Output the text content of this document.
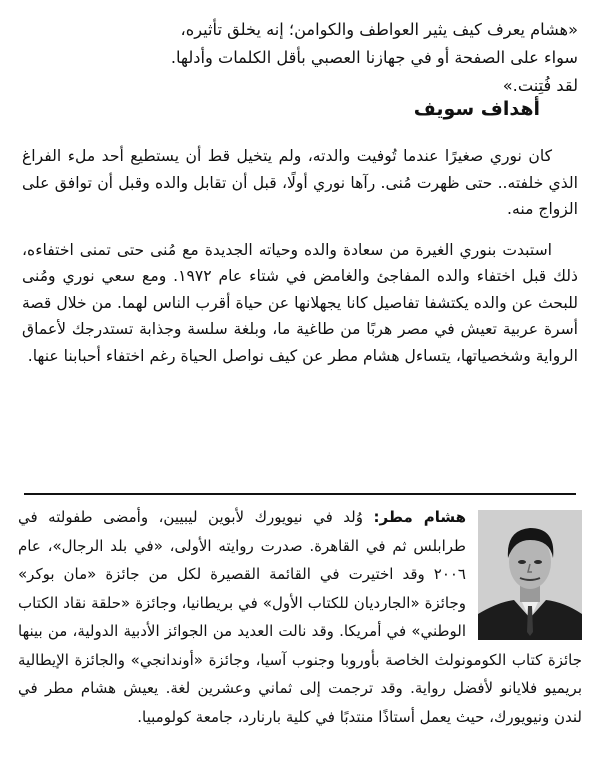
«هشام يعرف كيف يثير العواطف والكوامن؛ إنه يخلق تأثيره،

سواء على الصفحة أو في جهازنا العصبي بأقل الكلمات وأدلها.

لقد فُتِنت.»

أهداف سويف

كان نوري صغيرًا عندما تُوفيت والدته، ولم يتخيل قط أن يستطيع أحد ملء الفراغ الذي خلفته.. حتى ظهرت مُنى. رآها نوري أولًا، قبل أن تقابل والده وقبل أن توافق على الزواج منه.

استبدت بنوري الغيرة من سعادة والده وحياته الجديدة مع مُنى حتى تمنى اختفاءه، ذلك قبل اختفاء والده المفاجئ والغامض في شتاء عام ١٩٧٢. ومع سعي نوري ومُنى للبحث عن والده يكتشفا تفاصيل كانا يجهلانها عن حياة أقرب الناس لهما. من خلال قصة أسرة عربية تعيش في مصر هربًا من طاغية ما، وبلغة سلسة وجذابة تستدرجك لأعماق الرواية وشخصياتها، يتساءل هشام مطر عن كيف نواصل الحياة رغم اختفاء أحبابنا عنها.

هشام مطر: وُلد في نيويورك لأبوين ليبيين، وأمضى طفولته في طرابلس ثم في القاهرة. صدرت روايته الأولى، «في بلد الرجال»، عام ٢٠٠٦ وقد اختيرت في القائمة القصيرة لكل من جائزة «مان بوكر» وجائزة «الجارديان للكتاب الأول» في بريطانيا، وجائزة «حلقة نقاد الكتاب الوطني» في أمريكا. وقد نالت العديد من الجوائز الأدبية الدولية، من بينها جائزة كتاب الكومونولث الخاصة بأوروبا وجنوب آسيا، وجائزة «أوندانجي» والجائزة الإيطالية بريميو فلايانو لأفضل رواية. وقد ترجمت إلى ثماني وعشرين لغة. يعيش هشام مطر في لندن ونيويورك، حيث يعمل أستاذًا منتدبًا في كلية بارنارد، جامعة كولومبيا.
